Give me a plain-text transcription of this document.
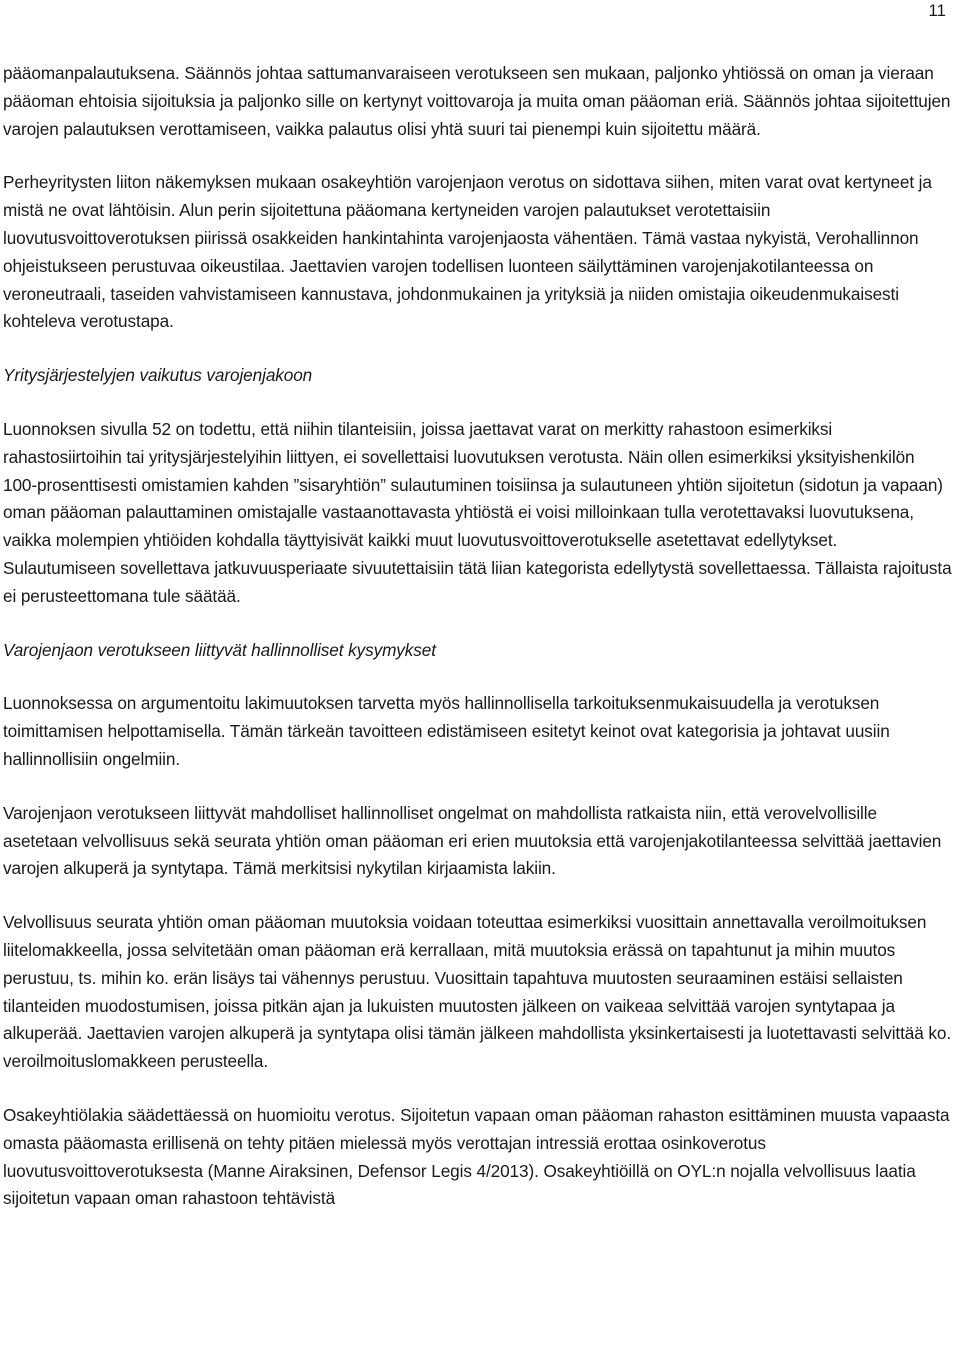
11

pääomanpalautuksena. Säännös johtaa sattumanvaraiseen verotukseen sen mukaan, paljonko yhtiössä on oman ja vieraan pääoman ehtoisia sijoituksia ja paljonko sille on kertynyt voittovaroja ja muita oman pääoman eriä. Säännös johtaa sijoitettujen varojen palautuksen verottamiseen, vaikka palautus olisi yhtä suuri tai pienempi kuin sijoitettu määrä.

Perheyritysten liiton näkemyksen mukaan osakeyhtiön varojenjaon verotus on sidottava siihen, miten varat ovat kertyneet ja mistä ne ovat lähtöisin. Alun perin sijoitettuna pääomana kertyneiden varojen palautukset verotettaisiin luovutusvoittoverotuksen piirissä osakkeiden hankintahinta varojenjaosta vähentäen. Tämä vastaa nykyistä, Verohallinnon ohjeistukseen perustuvaa oikeustilaa. Jaettavien varojen todellisen luonteen säilyttäminen varojenjakotilanteessa on veroneutraali, taseiden vahvistamiseen kannustava, johdonmukainen ja yrityksiä ja niiden omistajia oikeudenmukaisesti kohteleva verotustapa.

Yritysjärjestelyjen vaikutus varojenjakoon

Luonnoksen sivulla 52 on todettu, että niihin tilanteisiin, joissa jaettavat varat on merkitty rahastoon esimerkiksi rahastosiirtoihin tai yritysjärjestelyihin liittyen, ei sovellettaisi luovutuksen verotusta. Näin ollen esimerkiksi yksityishenkilön 100-prosenttisesti omistamien kahden ”sisaryhtiön” sulautuminen toisiinsa ja sulautuneen yhtiön sijoitetun (sidotun ja vapaan) oman pääoman palauttaminen omistajalle vastaanottavasta yhtiöstä ei voisi milloinkaan tulla verotettavaksi luovutuksena, vaikka molempien yhtiöiden kohdalla täyttyisivät kaikki muut luovutusvoittoverotukselle asetettavat edellytykset. Sulautumiseen sovellettava jatkuvuusperiaate sivuutettaisiin tätä liian kategorista edellytystä sovellettaessa. Tällaista rajoitusta ei perusteettomana tule säätää.

Varojenjaon verotukseen liittyvät hallinnolliset kysymykset

Luonnoksessa on argumentoitu lakimuutoksen tarvetta myös hallinnollisella tarkoituksenmukaisuudella ja verotuksen toimittamisen helpottamisella. Tämän tärkeän tavoitteen edistämiseen esitetyt keinot ovat kategorisia ja johtavat uusiin hallinnollisiin ongelmiin.

Varojenjaon verotukseen liittyvät mahdolliset hallinnolliset ongelmat on mahdollista ratkaista niin, että verovelvollisille asetetaan velvollisuus sekä seurata yhtiön oman pääoman eri erien muutoksia että varojenjakotilanteessa selvittää jaettavien varojen alkuperä ja syntytapa. Tämä merkitsisi nykytilan kirjaamista lakiin.

Velvollisuus seurata yhtiön oman pääoman muutoksia voidaan toteuttaa esimerkiksi vuosittain annettavalla veroilmoituksen liitelomakkeella, jossa selvitetään oman pääoman erä kerrallaan, mitä muutoksia erässä on tapahtunut ja mihin muutos perustuu, ts. mihin ko. erän lisäys tai vähennys perustuu. Vuosittain tapahtuva muutosten seuraaminen estäisi sellaisten tilanteiden muodostumisen, joissa pitkän ajan ja lukuisten muutosten jälkeen on vaikeaa selvittää varojen syntytapaa ja alkuperää. Jaettavien varojen alkuperä ja syntytapa olisi tämän jälkeen mahdollista yksinkertaisesti ja luotettavasti selvittää ko. veroilmoituslomakkeen perusteella.

Osakeyhtiölakia säädettäessä on huomioitu verotus. Sijoitetun vapaan oman pääoman rahaston esittäminen muusta vapaasta omasta pääomasta erillisenä on tehty pitäen mielessä myös verottajan intressiä erottaa osinkoverotus luovutusvoittoverotuksesta (Manne Airaksinen, Defensor Legis 4/2013). Osakeyhtiöillä on OYL:n nojalla velvollisuus laatia sijoitetun vapaan oman rahastoon tehtävistä
